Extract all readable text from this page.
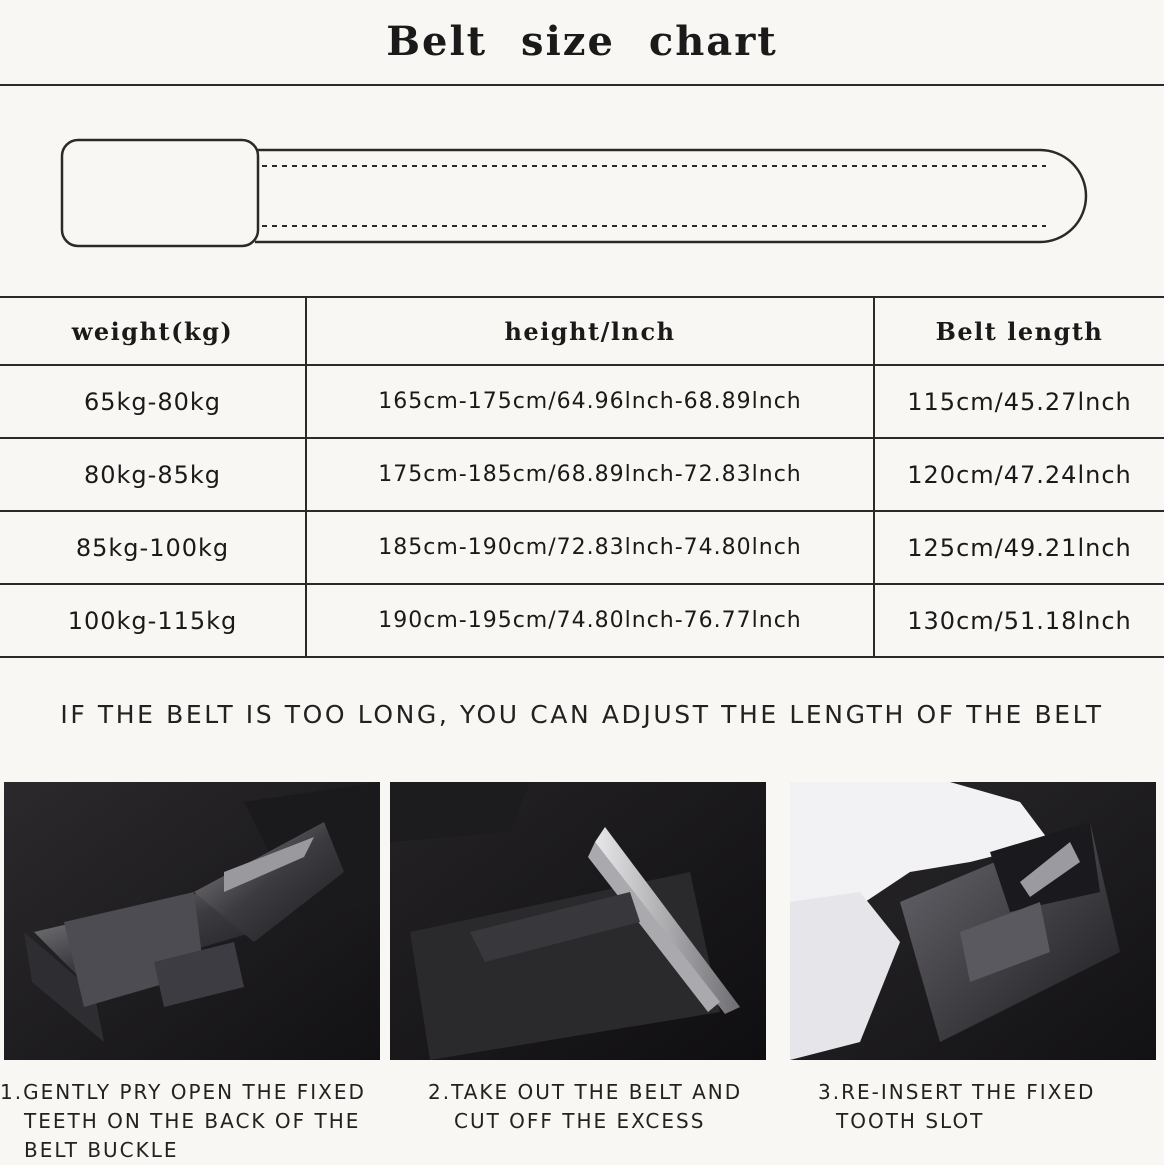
Belt size chart
weight(kg)	height/lnch	Belt length
65kg-80kg	165cm-175cm/64.96lnch-68.89lnch	115cm/45.27lnch
80kg-85kg	175cm-185cm/68.89lnch-72.83lnch	120cm/47.24lnch
85kg-100kg	185cm-190cm/72.83lnch-74.80lnch	125cm/49.21lnch
100kg-115kg	190cm-195cm/74.80lnch-76.77lnch	130cm/51.18lnch
IF THE BELT IS TOO LONG, YOU CAN ADJUST THE LENGTH OF THE BELT
1.GENTLY PRY OPEN THE FIXED
TEETH ON THE BACK OF THE
BELT BUCKLE
2.TAKE OUT THE BELT AND
CUT OFF THE EXCESS
3.RE-INSERT THE FIXED
TOOTH SLOT
